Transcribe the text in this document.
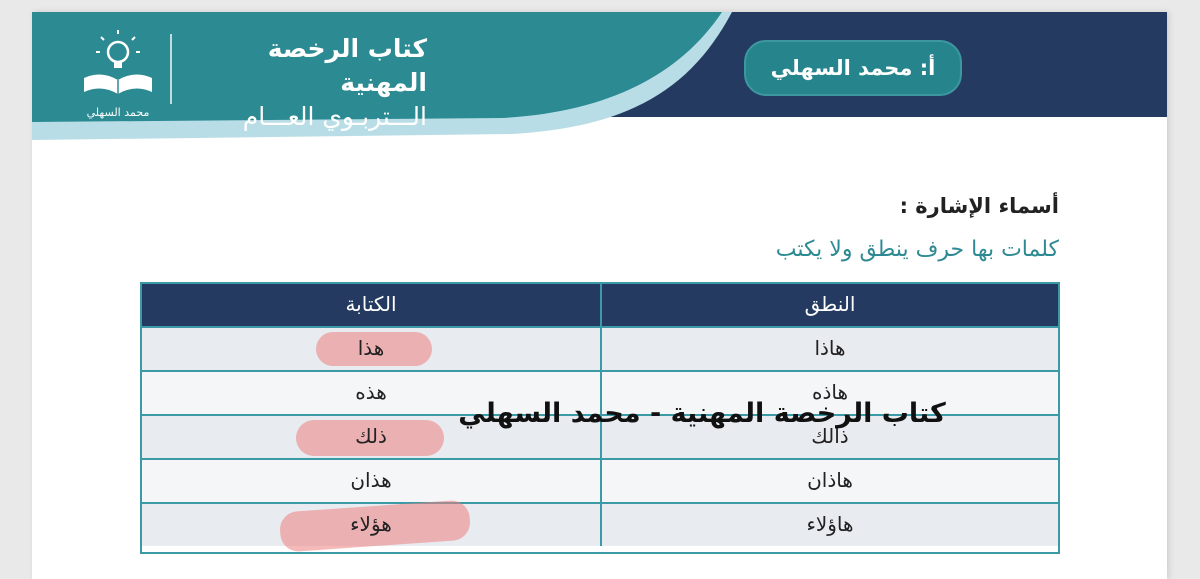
محمد السهلي
كتاب الرخصة المهنية
الـــتربـوي العـــام
أ: محمد السهلي
أسماء الإشارة :
كلمات بها حرف ينطق ولا يكتب
الكتابة	النطق
هذا	هاذا
هذه	هاذه
ذلك	ذالك
هذان	هاذان
هؤلاء	هاؤلاء
كتاب الرخصة المهنية - محمد السهلي
